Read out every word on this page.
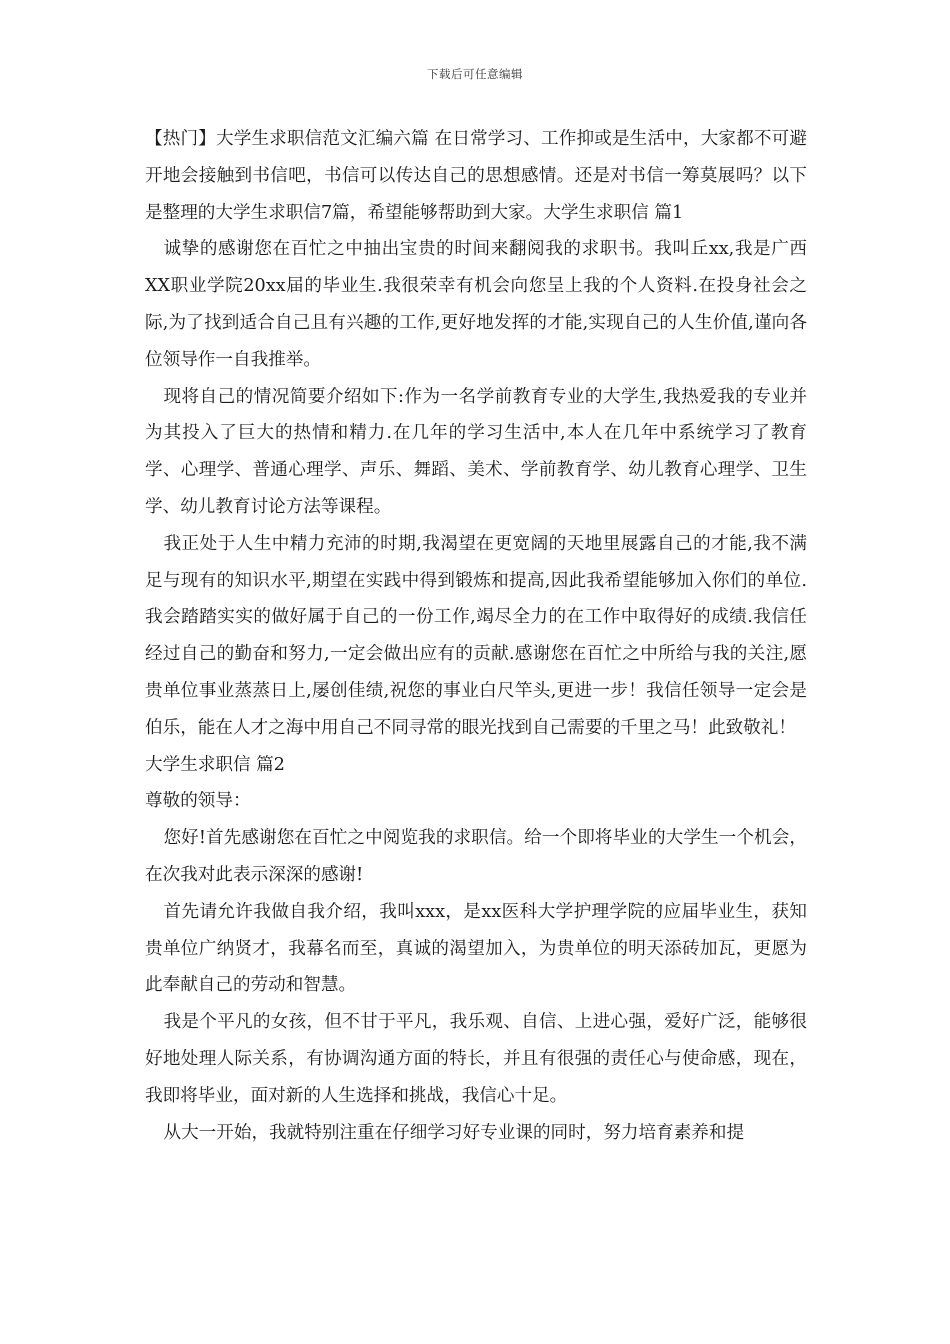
下载后可任意编辑

【热门】大学生求职信范文汇编六篇 在日常学习、工作抑或是生活中，大家都不可避开地会接触到书信吧，书信可以传达自己的思想感情。还是对书信一筹莫展吗？以下是整理的大学生求职信7篇，希望能够帮助到大家。大学生求职信 篇1

诚挚的感谢您在百忙之中抽出宝贵的时间来翻阅我的求职书。我叫丘xx,我是广西XX职业学院20xx届的毕业生.我很荣幸有机会向您呈上我的个人资料.在投身社会之际,为了找到适合自己且有兴趣的工作,更好地发挥的才能,实现自己的人生价值,谨向各位领导作一自我推举。

现将自己的情况简要介绍如下:作为一名学前教育专业的大学生,我热爱我的专业并为其投入了巨大的热情和精力.在几年的学习生活中,本人在几年中系统学习了教育学、心理学、普通心理学、声乐、舞蹈、美术、学前教育学、幼儿教育心理学、卫生学、幼儿教育讨论方法等课程。

我正处于人生中精力充沛的时期,我渴望在更宽阔的天地里展露自己的才能,我不满足与现有的知识水平,期望在实践中得到锻炼和提高,因此我希望能够加入你们的单位.我会踏踏实实的做好属于自己的一份工作,竭尽全力的在工作中取得好的成绩.我信任经过自己的勤奋和努力,一定会做出应有的贡献.感谢您在百忙之中所给与我的关注,愿贵单位事业蒸蒸日上,屡创佳绩,祝您的事业白尺竿头,更进一步！我信任领导一定会是伯乐，能在人才之海中用自己不同寻常的眼光找到自己需要的千里之马！此致敬礼！

大学生求职信 篇2

尊敬的领导：

您好!首先感谢您在百忙之中阅览我的求职信。给一个即将毕业的大学生一个机会，在次我对此表示深深的感谢!

首先请允许我做自我介绍，我叫xxx，是xx医科大学护理学院的应届毕业生，获知贵单位广纳贤才，我幕名而至，真诚的渴望加入，为贵单位的明天添砖加瓦，更愿为此奉献自己的劳动和智慧。

我是个平凡的女孩，但不甘于平凡，我乐观、自信、上进心强，爱好广泛，能够很好地处理人际关系，有协调沟通方面的特长，并且有很强的责任心与使命感，现在，我即将毕业，面对新的人生选择和挑战，我信心十足。

从大一开始，我就特别注重在仔细学习好专业课的同时，努力培育素养和提
